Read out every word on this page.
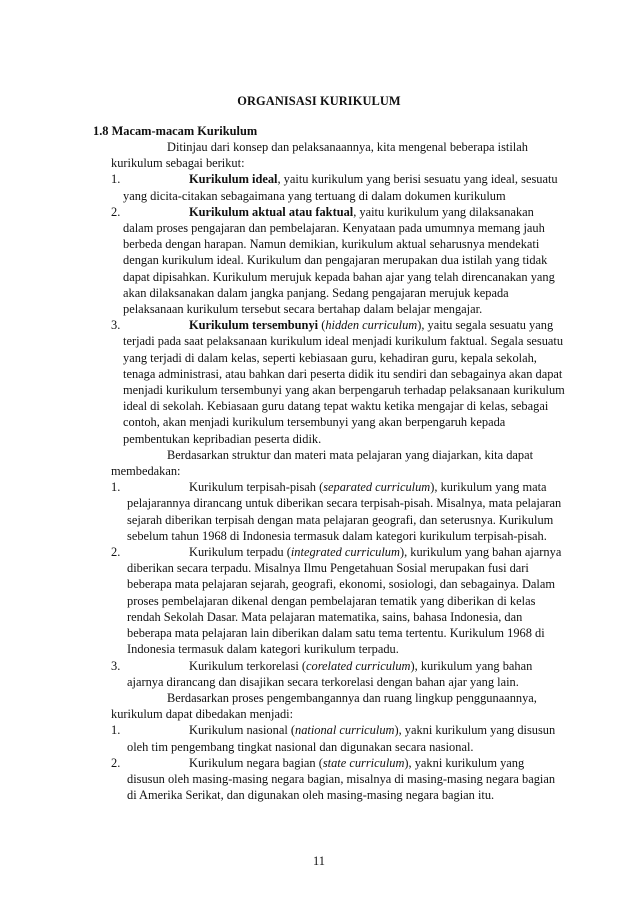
ORGANISASI KURIKULUM
1.8 Macam-macam Kurikulum

Ditinjau dari konsep dan pelaksanaannya, kita mengenal beberapa istilah kurikulum sebagai berikut:

1.	Kurikulum ideal, yaitu kurikulum yang berisi sesuatu yang ideal, sesuatu yang dicita-citakan sebagaimana yang tertuang di dalam dokumen kurikulum
2.	Kurikulum aktual atau faktual, yaitu kurikulum yang dilaksanakan dalam proses pengajaran dan pembelajaran. Kenyataan pada umumnya memang jauh berbeda dengan harapan. Namun demikian, kurikulum aktual seharusnya mendekati dengan kurikulum ideal. Kurikulum dan pengajaran merupakan dua istilah yang tidak dapat dipisahkan. Kurikulum merujuk kepada bahan ajar yang telah direncanakan yang akan dilaksanakan dalam jangka panjang. Sedang pengajaran merujuk kepada pelaksanaan kurikulum tersebut secara bertahap dalam belajar mengajar.
3.	Kurikulum tersembunyi (hidden curriculum), yaitu segala sesuatu yang terjadi pada saat pelaksanaan kurikulum ideal menjadi kurikulum faktual. Segala sesuatu yang terjadi di dalam kelas, seperti kebiasaan guru, kehadiran guru, kepala sekolah, tenaga administrasi, atau bahkan dari peserta didik itu sendiri dan sebagainya akan dapat menjadi kurikulum tersembunyi yang akan berpengaruh terhadap pelaksanaan kurikulum ideal di sekolah. Kebiasaan guru datang tepat waktu ketika mengajar di kelas, sebagai contoh, akan menjadi kurikulum tersembunyi yang akan berpengaruh kepada pembentukan kepribadian peserta didik.

Berdasarkan struktur dan materi mata pelajaran yang diajarkan, kita dapat membedakan:

1.	Kurikulum terpisah-pisah (separated curriculum), kurikulum yang mata pelajarannya dirancang untuk diberikan secara terpisah-pisah. Misalnya, mata pelajaran sejarah diberikan terpisah dengan mata pelajaran geografi, dan seterusnya. Kurikulum sebelum tahun 1968 di Indonesia termasuk dalam kategori kurikulum terpisah-pisah.
2.	Kurikulum terpadu (integrated curriculum), kurikulum yang bahan ajarnya diberikan secara terpadu. Misalnya Ilmu Pengetahuan Sosial merupakan fusi dari beberapa mata pelajaran sejarah, geografi, ekonomi, sosiologi, dan sebagainya. Dalam proses pembelajaran dikenal dengan pembelajaran tematik yang diberikan di kelas rendah Sekolah Dasar. Mata pelajaran matematika, sains, bahasa Indonesia, dan beberapa mata pelajaran lain diberikan dalam satu tema tertentu. Kurikulum 1968 di Indonesia termasuk dalam kategori kurikulum terpadu.
3.	Kurikulum terkorelasi (corelated curriculum), kurikulum yang bahan ajarnya dirancang dan disajikan secara terkorelasi dengan bahan ajar yang lain.

Berdasarkan proses pengembangannya dan ruang lingkup penggunaannya, kurikulum dapat dibedakan menjadi:

1.	Kurikulum nasional (national curriculum), yakni kurikulum yang disusun oleh tim pengembang tingkat nasional dan digunakan secara nasional.
2.	Kurikulum negara bagian (state curriculum), yakni kurikulum yang disusun oleh masing-masing negara bagian, misalnya di masing-masing negara bagian di Amerika Serikat, dan digunakan oleh masing-masing negara bagian itu.
11
